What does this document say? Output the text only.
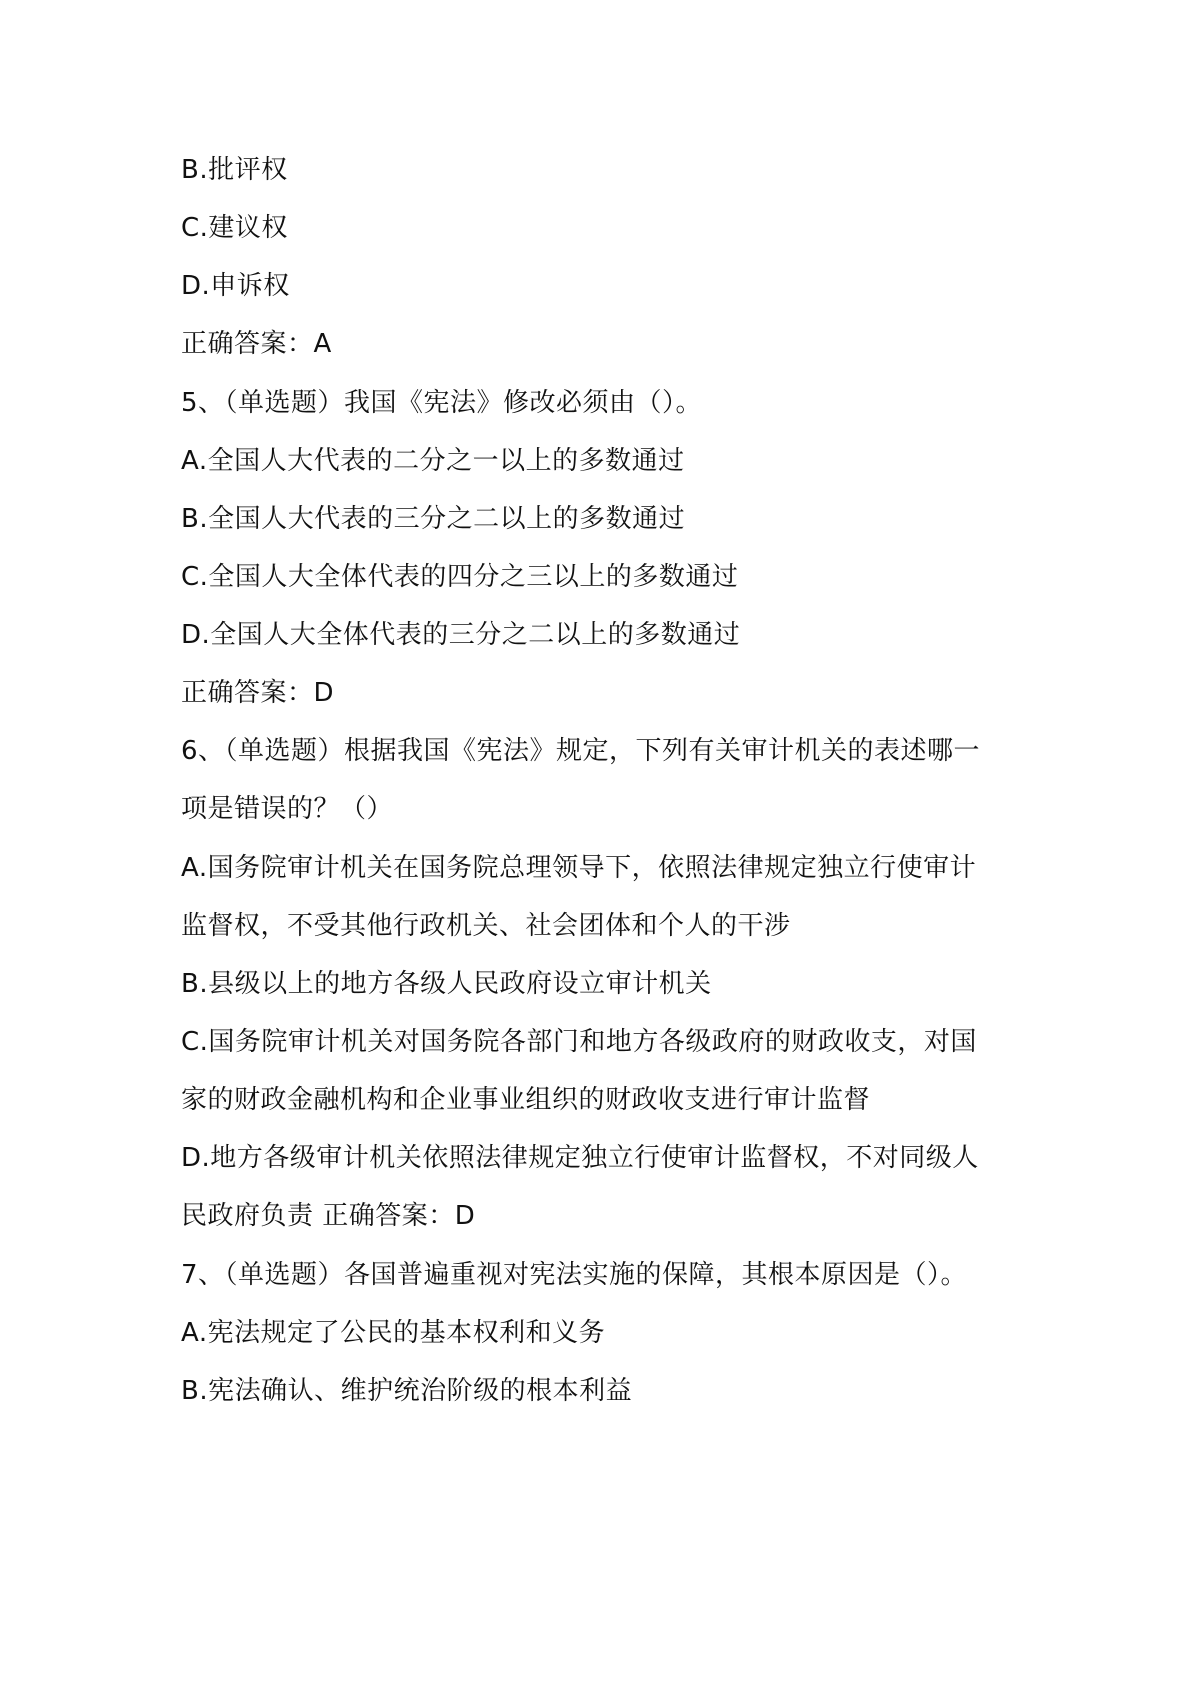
B.批评权
C.建议权
D.申诉权
正确答案：A
5、（单选题）我国《宪法》修改必须由（）。
A.全国人大代表的二分之一以上的多数通过
B.全国人大代表的三分之二以上的多数通过
C.全国人大全体代表的四分之三以上的多数通过
D.全国人大全体代表的三分之二以上的多数通过
正确答案：D
6、（单选题）根据我国《宪法》规定，下列有关审计机关的表述哪一
项是错误的？（）
A.国务院审计机关在国务院总理领导下，依照法律规定独立行使审计
监督权，不受其他行政机关、社会团体和个人的干涉
B.县级以上的地方各级人民政府设立审计机关
C.国务院审计机关对国务院各部门和地方各级政府的财政收支，对国
家的财政金融机构和企业事业组织的财政收支进行审计监督
D.地方各级审计机关依照法律规定独立行使审计监督权，不对同级人
民政府负责 正确答案：D
7、（单选题）各国普遍重视对宪法实施的保障，其根本原因是（）。
A.宪法规定了公民的基本权利和义务
B.宪法确认、维护统治阶级的根本利益
